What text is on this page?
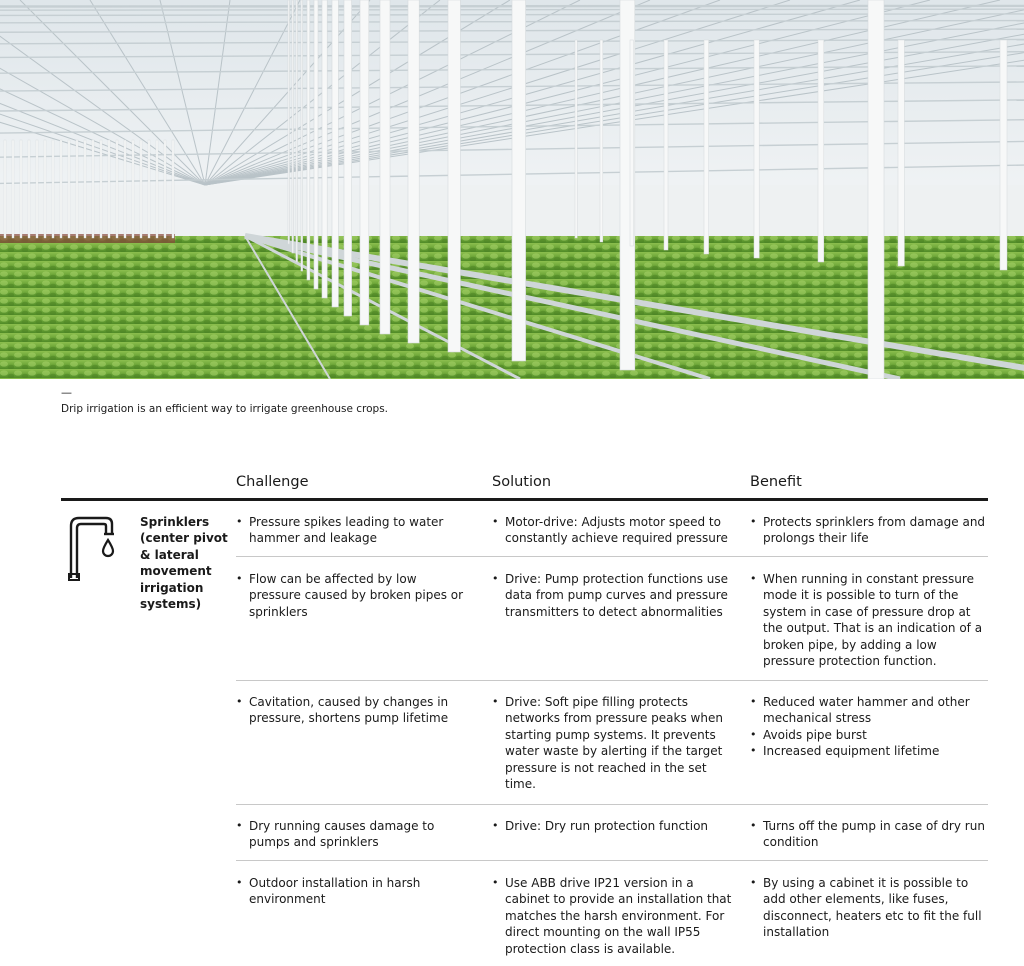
—
Drip irrigation is an efficient way to irrigate greenhouse crops.
Challenge	Solution	Benefit
Sprinklers (center pivot & lateral movement irrigation systems)
• Pressure spikes leading to water hammer and leakage
• Motor-drive: Adjusts motor speed to constantly achieve required pressure
• Protects sprinklers from damage and prolongs their life
• Flow can be affected by low pressure caused by broken pipes or sprinklers
• Drive: Pump protection functions use data from pump curves and pressure transmitters to detect abnormalities
• When running in constant pressure mode it is possible to turn of the system in case of pressure drop at the output. That is an indication of a broken pipe, by adding a low pressure protection function.
• Cavitation, caused by changes in pressure, shortens pump lifetime
• Drive: Soft pipe filling protects networks from pressure peaks when starting pump systems. It prevents water waste by alerting if the target pressure is not reached in the set time.
• Reduced water hammer and other mechanical stress
• Avoids pipe burst
• Increased equipment lifetime
• Dry running causes damage to pumps and sprinklers
• Drive: Dry run protection function
•	Turns off the pump in case of dry run condition
• Outdoor installation in harsh environment
• Use ABB drive IP21 version in a cabinet to provide an installation that matches the harsh environment. For direct mounting on the wall IP55 protection class is available.
• By using a cabinet it is possible to add other elements, like fuses, disconnect, heaters etc to fit the full installation
